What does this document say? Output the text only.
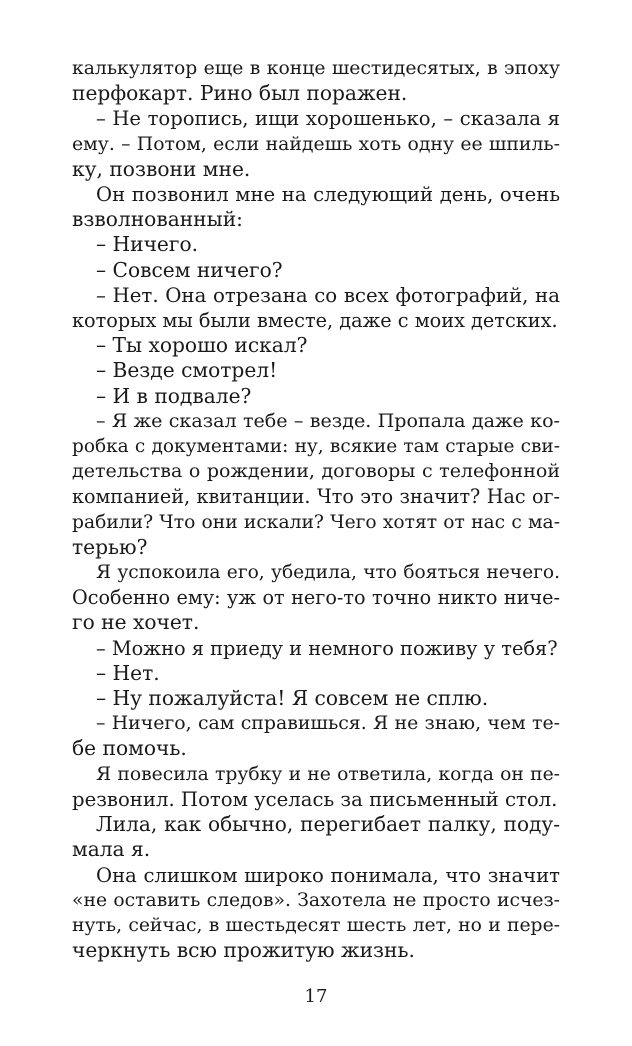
калькулятор еще в конце шестидесятых, в эпоху
перфокарт. Рино был поражен.
– Не торопись, ищи хорошенько, – сказала я
ему. – Потом, если найдешь хоть одну ее шпиль-
ку, позвони мне.
Он позвонил мне на следующий день, очень
взволнованный:
– Ничего.
– Совсем ничего?
– Нет. Она отрезана со всех фотографий, на
которых мы были вместе, даже с моих детских.
– Ты хорошо искал?
– Везде смотрел!
– И в подвале?
– Я же сказал тебе – везде. Пропала даже ко-
робка с документами: ну, всякие там старые сви-
детельства о рождении, договоры с телефонной
компанией, квитанции. Что это значит? Нас ог-
рабили? Что они искали? Чего хотят от нас с ма-
терью?
Я успокоила его, убедила, что бояться нечего.
Особенно ему: уж от него-то точно никто ниче-
го не хочет.
– Можно я приеду и немного поживу у тебя?
– Нет.
– Ну пожалуйста! Я совсем не сплю.
– Ничего, сам справишься. Я не знаю, чем те-
бе помочь.
Я повесила трубку и не ответила, когда он пе-
резвонил. Потом уселась за письменный стол.
Лила, как обычно, перегибает палку, поду-
мала я.
Она слишком широко понимала, что значит
«не оставить следов». Захотела не просто исчез-
нуть, сейчас, в шестьдесят шесть лет, но и пере-
черкнуть всю прожитую жизнь.
17
